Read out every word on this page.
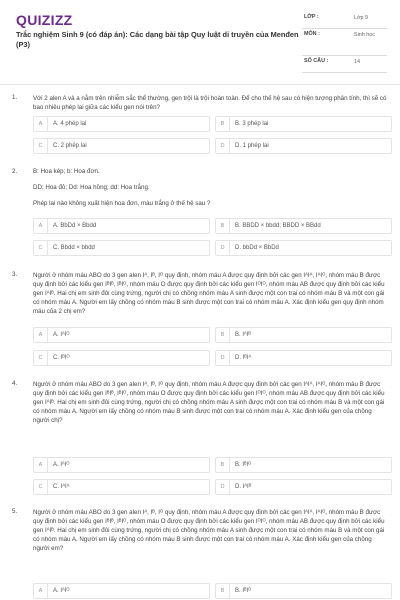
QUIZIZZ
Trắc nghiệm Sinh 9 (có đáp án): Các dạng bài tập Quy luật di truyền của Menđen (P3)
LỚP :	Lớp 9
MÔN :	Sinh học
SỐ CÂU :	14
1.	Với 2 alen A và a nằm trên nhiễm sắc thể thường, gen trội là trội hoàn toàn. Để cho thế hệ sau có hiện tượng phân tính, thì sẽ có bao nhiêu phép lai giữa các kiểu gen nói trên?
A	A. 4 phép lai	B	B. 3 phép lai
C	C. 2 phép lai	D	D. 1 phép lai
2.	B: Hoa kép; b: Hoa đơn.
DD: Hoa đỏ; Dd: Hoa hồng; dd: Hoa trắng.
Phép lai nào không xuất hiện hoa đơn, màu trắng ở thế hệ sau ?
A	A. BbDd × Bbdd	B	B. BBDD × bbdd; BBDD × BBdd
C	C. Bbdd × bbdd	D	D. bbDd × BbDd
3.	Người ở nhóm máu ABO do 3 gen alen Iᴬ, Iᴮ, Iᴼ quy định, nhóm máu A được quy định bởi các gen IᴬIᴬ, IᴬIᴼ, nhóm máu B được quy định bởi các kiểu gen IᴮIᴮ, IᴮIᴼ, nhóm máu O được quy định bởi các kiểu gen IᴼIᴼ, nhóm máu AB được quy định bởi các kiểu gen IᴬIᴮ. Hai chị em sinh đôi cùng trứng, người chị có chồng nhóm máu A sinh được một con trai có nhóm máu B và một con gái có nhóm máu A. Người em lấy chồng có nhóm máu B sinh được một con trai có nhóm máu A. Xác định kiểu gen quy định nhóm máu của 2 chị em?
A	A. IᴬIᴼ	B	B. IᴬIᴮ
C	C. IᴮIᴼ	D	D. IᴮIᴬ
4.	Người ở nhóm máu ABO do 3 gen alen Iᴬ, Iᴮ, Iᴼ quy định, nhóm máu A được quy định bởi các gen IᴬIᴬ, IᴬIᴼ, nhóm máu B được quy định bởi các kiểu gen IᴮIᴮ, IᴮIᴼ, nhóm máu O được quy định bởi các kiểu gen IᴼIᴼ, nhóm máu AB được quy định bởi các kiểu gen IᴬIᴮ. Hai chị em sinh đôi cùng trứng, người chị có chồng nhóm máu A sinh được một con trai có nhóm máu B và một con gái có nhóm máu A. Người em lấy chồng có nhóm máu B sinh được một con trai có nhóm máu A. Xác định kiểu gen của chồng người chị?
A	A. IᴬIᴼ	B	B. IᴮIᴼ
C	C. IᴬIᴬ	D	D. IᴬIᴮ
5.	Người ở nhóm máu ABO do 3 gen alen Iᴬ, Iᴮ, Iᴼ quy định, nhóm máu A được quy định bởi các gen IᴬIᴬ, IᴬIᴼ, nhóm máu B được quy định bởi các kiểu gen IᴮIᴮ, IᴮIᴼ, nhóm máu O được quy định bởi các kiểu gen IᴼIᴼ, nhóm máu AB được quy định bởi các kiểu gen IᴬIᴮ. Hai chị em sinh đôi cùng trứng, người chị có chồng nhóm máu A sinh được một con trai có nhóm máu B và một con gái có nhóm máu A. Người em lấy chồng có nhóm máu B sinh được một con trai có nhóm máu A. Xác định kiểu gen của chồng người em?
A	A. IᴬIᴼ	B	B. IᴮIᴼ
